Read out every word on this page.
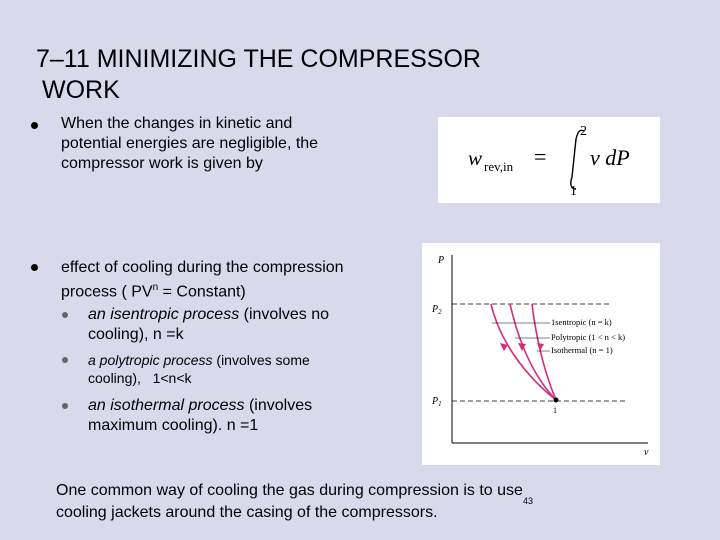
7–11 MINIMIZING THE COMPRESSOR
WORK
When the changes in kinetic and
potential energies are negligible, the
compressor work is given by	w rev,in =
2
1
v dP
effect of cooling during the compression
process ( $PV^n$ = Constant)
an isentropic process (involves no
cooling), n =k
a polytropic process (involves some
cooling),   1<n<k
an isothermal process (involves
maximum cooling). n =1
P
v
$P_2$
$P_1$
1
1sentropic (n = k)
Polytropic (1 < n < k)
Isothermal (n = 1)
One common way of cooling the gas during compression is to use
cooling jackets around the casing of the compressors.
43
